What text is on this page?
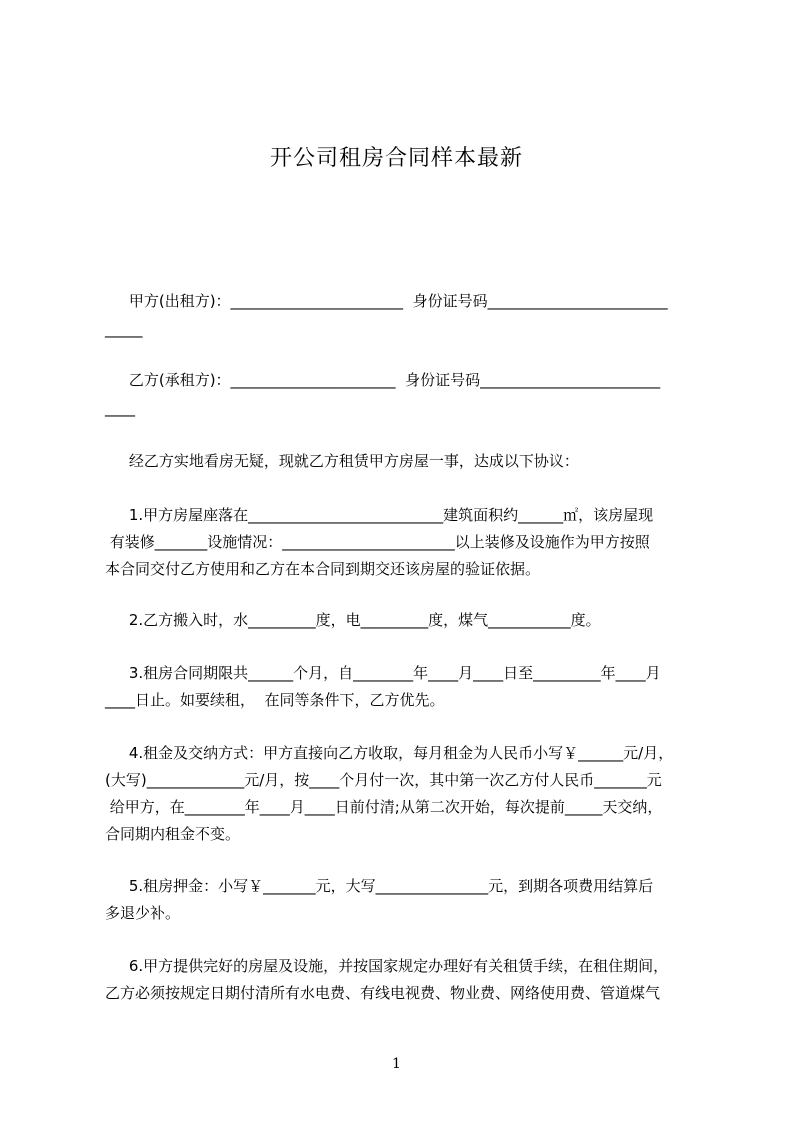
开公司租房合同样本最新
甲方(出租方)：_______________________  身份证号码________________________
_____
乙方(承租方)：______________________  身份证号码________________________
____
经乙方实地看房无疑，现就乙方租赁甲方房屋一事，达成以下协议：
1.甲方房屋座落在__________________________建筑面积约______㎡，该房屋现
有装修_______设施情况：_______________________以上装修及设施作为甲方按照
本合同交付乙方使用和乙方在本合同到期交还该房屋的验证依据。
2.乙方搬入时，水_________度，电_________度，煤气___________度。
3.租房合同期限共______个月，自________年____月____日至_________年____月
____日止。如要续租，  在同等条件下，乙方优先。
4.租金及交纳方式：甲方直接向乙方收取，每月租金为人民币小写￥______元/月，
(大写)_____________元/月，按____个月付一次，其中第一次乙方付人民币_______元
给甲方，在________年____月____日前付清;从第二次开始，每次提前_____天交纳，
合同期内租金不变。
5.租房押金：小写￥_______元，大写_______________元，到期各项费用结算后
多退少补。
6.甲方提供完好的房屋及设施，并按国家规定办理好有关租赁手续，在租住期间，
乙方必须按规定日期付清所有水电费、有线电视费、物业费、网络使用费、管道煤气
1
